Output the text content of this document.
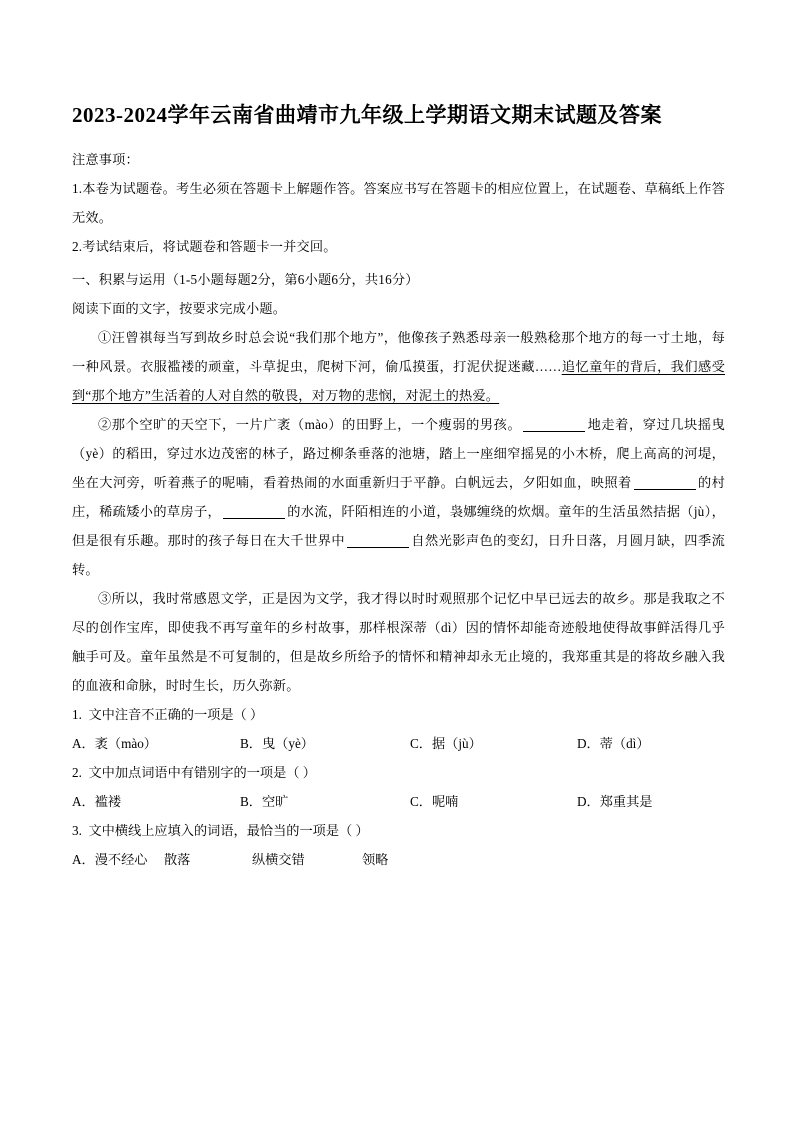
2023-2024学年云南省曲靖市九年级上学期语文期末试题及答案

注意事项：

1.本卷为试题卷。考生必须在答题卡上解题作答。答案应书写在答题卡的相应位置上，在试题卷、草稿纸上作答无效。

2.考试结束后，将试题卷和答题卡一并交回。

一、积累与运用（1-5小题每题2分，第6小题6分，共16分）

阅读下面的文字，按要求完成小题。

①汪曾祺每当写到故乡时总会说“我们那个地方”，他像孩子熟悉母亲一般熟稔那个地方的每一寸土地，每一种风景。衣服褴褛的顽童，斗草捉虫，爬树下河，偷瓜摸蛋，打泥伏捉迷藏……追忆童年的背后，我们感受到“那个地方”生活着的人对自然的敬畏，对万物的悲悯，对泥土的热爱。

②那个空旷的天空下，一片广袤（mào）的田野上，一个瘦弱的男孩。	地走着，穿过几块摇曳（yè）的稻田，穿过水边茂密的林子，路过柳条垂落的池塘，踏上一座细窄摇晃的小木桥，爬上高高的河堤，坐在大河旁，听着燕子的呢喃，看着热闹的水面重新归于平静。白帆远去，夕阳如血，映照着	的村庄，稀疏矮小的草房子，	的水流，阡陌相连的小道，袅娜缠绕的炊烟。童年的生活虽然拮据（jù），但是很有乐趣。那时的孩子每日在大千世界中	自然光影声色的变幻，日升日落，月圆月缺，四季流转。

③所以，我时常感恩文学，正是因为文学，我才得以时时观照那个记忆中早已远去的故乡。那是我取之不尽的创作宝库，即使我不再写童年的乡村故事，那样根深蒂（dì）因的情怀却能奇迹般地使得故事鲜活得几乎触手可及。童年虽然是不可复制的，但是故乡所给予的情怀和精神却永无止境的，我郑重其是的将故乡融入我的血液和命脉，时时生长，历久弥新。

1. 文中注音不正确的一项是（ ）

A．袤（mào）	B．曳（yè）	C．据（jù）	D．蒂（dì）

2. 文中加点词语中有错别字的一项是（ ）

A．褴褛	B．空旷	C．呢喃	D．郑重其是

3. 文中横线上应填入的词语，最恰当的一项是（ ）

A．漫不经心 散落	纵横交错	领略
